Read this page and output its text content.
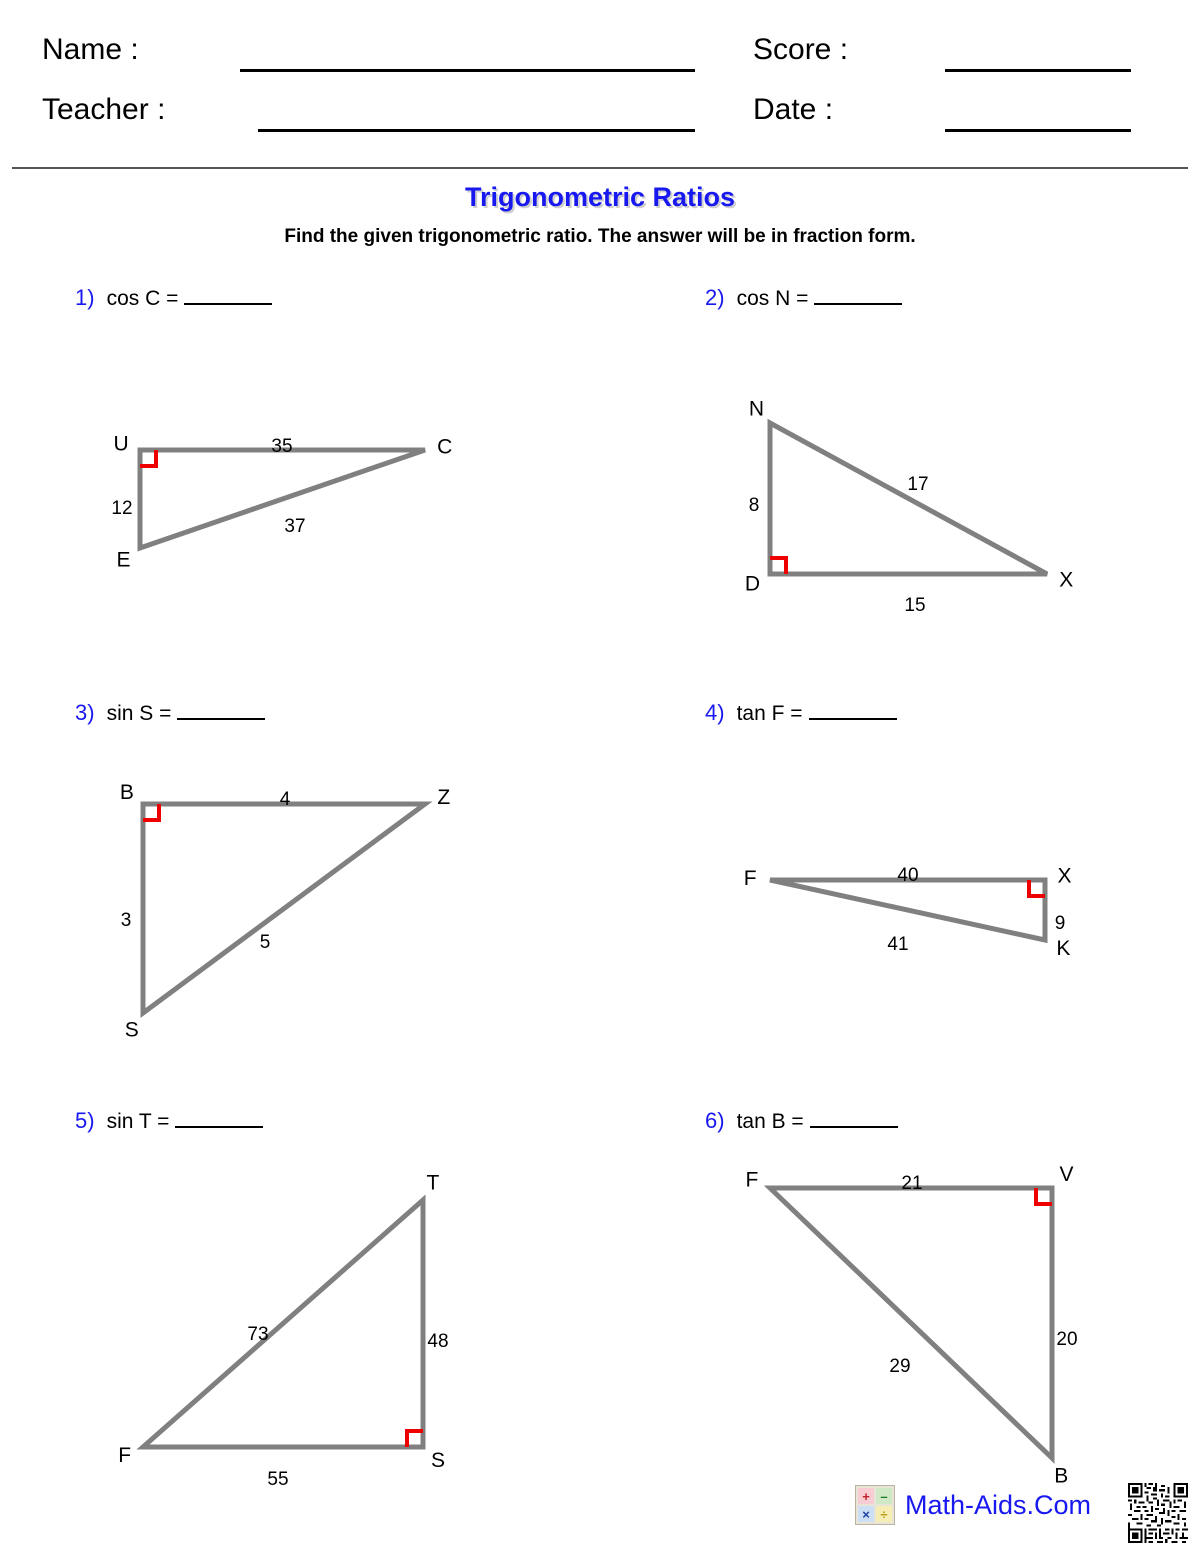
Name :
Teacher :
Score :
Date :
Trigonometric Ratios
Find the given trigonometric ratio. The answer will be in fraction form.
1) cos C =
U	C
E
35
12
37
2) cos N =
N
D	X
8
15
17
3) sin S =
B	Z
S
4
3
5
4) tan F =
F	X
K
40
9
41
5) sin T =
T
S
F
48
55
73
6) tan B =
F	V
B
21
20
29
+ –
× ÷ Math-Aids.Com
